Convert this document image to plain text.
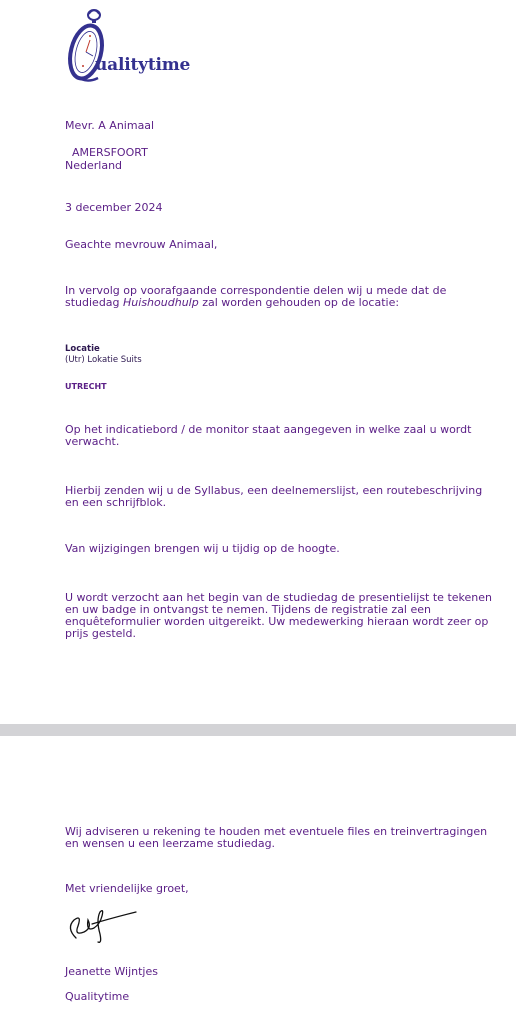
ualitytime
Mevr. A Animaal
AMERSFOORT
Nederland
3 december 2024
Geachte mevrouw Animaal,
In vervolg op voorafgaande correspondentie delen wij u mede dat de studiedag Huishoudhulp zal worden gehouden op de locatie:
Locatie
(Utr) Lokatie Suits
UTRECHT
Op het indicatiebord / de monitor staat aangegeven in welke zaal u wordt verwacht.
Hierbij zenden wij u de Syllabus, een deelnemerslijst, een routebeschrijving en een schrijfblok.
Van wijzigingen brengen wij u tijdig op de hoogte.
U wordt verzocht aan het begin van de studiedag de presentielijst te tekenen en uw badge in ontvangst te nemen. Tijdens de registratie zal een enquêteformulier worden uitgereikt. Uw medewerking hieraan wordt zeer op prijs gesteld.
Wij adviseren u rekening te houden met eventuele files en treinvertragingen en wensen u een leerzame studiedag.
Met vriendelijke groet,
Jeanette Wijntjes
Qualitytime
